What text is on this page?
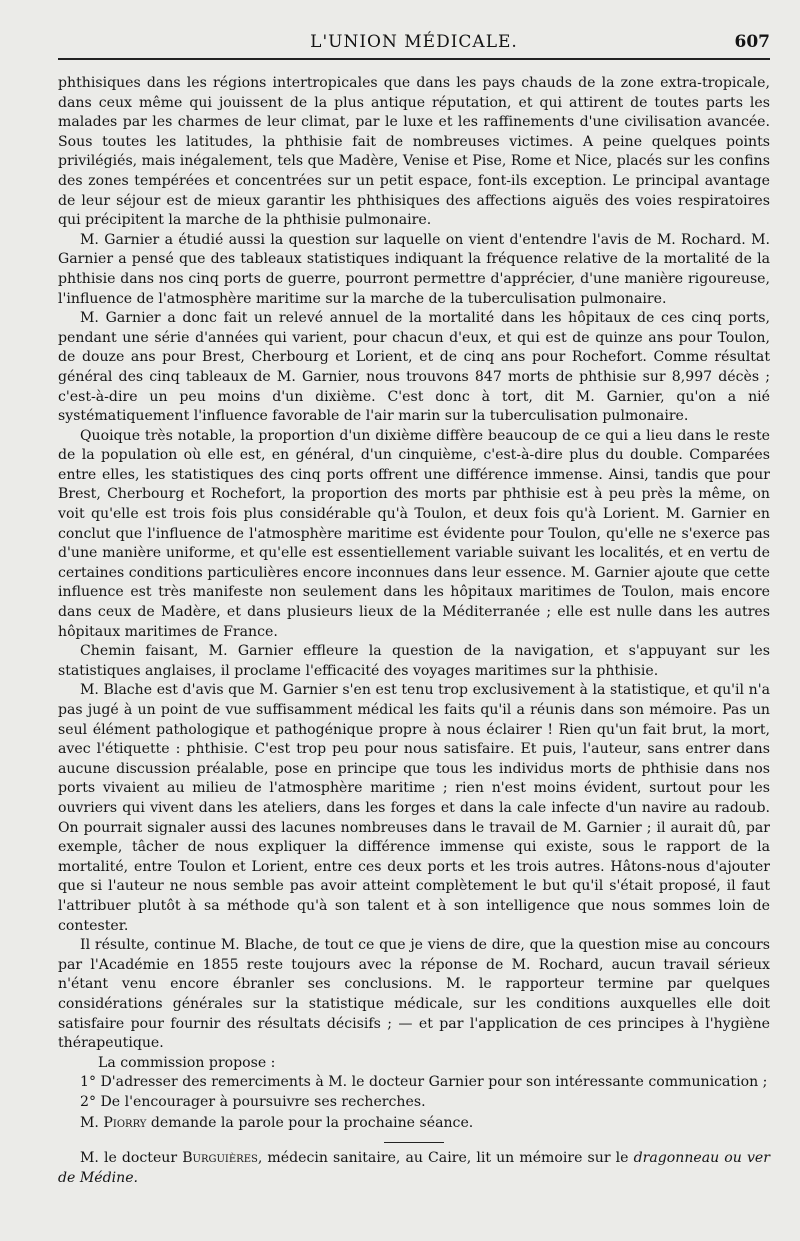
L'UNION MÉDICALE.	607

phthisiques dans les régions intertropicales que dans les pays chauds de la zone extra-tropicale, dans ceux même qui jouissent de la plus antique réputation, et qui attirent de toutes parts les malades par les charmes de leur climat, par le luxe et les raffinements d'une civilisation avancée. Sous toutes les latitudes, la phthisie fait de nombreuses victimes. A peine quelques points privilégiés, mais inégalement, tels que Madère, Venise et Pise, Rome et Nice, placés sur les confins des zones tempérées et concentrées sur un petit espace, font-ils exception. Le principal avantage de leur séjour est de mieux garantir les phthisiques des affections aiguës des voies respiratoires qui précipitent la marche de la phthisie pulmonaire.

M. Garnier a étudié aussi la question sur laquelle on vient d'entendre l'avis de M. Rochard. M. Garnier a pensé que des tableaux statistiques indiquant la fréquence relative de la mortalité de la phthisie dans nos cinq ports de guerre, pourront permettre d'apprécier, d'une manière rigoureuse, l'influence de l'atmosphère maritime sur la marche de la tuberculisation pulmonaire.

M. Garnier a donc fait un relevé annuel de la mortalité dans les hôpitaux de ces cinq ports, pendant une série d'années qui varient, pour chacun d'eux, et qui est de quinze ans pour Toulon, de douze ans pour Brest, Cherbourg et Lorient, et de cinq ans pour Rochefort. Comme résultat général des cinq tableaux de M. Garnier, nous trouvons 847 morts de phthisie sur 8,997 décès ; c'est-à-dire un peu moins d'un dixième. C'est donc à tort, dit M. Garnier, qu'on a nié systématiquement l'influence favorable de l'air marin sur la tuberculisation pulmonaire.

Quoique très notable, la proportion d'un dixième diffère beaucoup de ce qui a lieu dans le reste de la population où elle est, en général, d'un cinquième, c'est-à-dire plus du double. Comparées entre elles, les statistiques des cinq ports offrent une différence immense. Ainsi, tandis que pour Brest, Cherbourg et Rochefort, la proportion des morts par phthisie est à peu près la même, on voit qu'elle est trois fois plus considérable qu'à Toulon, et deux fois qu'à Lorient. M. Garnier en conclut que l'influence de l'atmosphère maritime est évidente pour Toulon, qu'elle ne s'exerce pas d'une manière uniforme, et qu'elle est essentiellement variable suivant les localités, et en vertu de certaines conditions particulières encore inconnues dans leur essence. M. Garnier ajoute que cette influence est très manifeste non seulement dans les hôpitaux maritimes de Toulon, mais encore dans ceux de Madère, et dans plusieurs lieux de la Méditerranée ; elle est nulle dans les autres hôpitaux maritimes de France.

Chemin faisant, M. Garnier effleure la question de la navigation, et s'appuyant sur les statistiques anglaises, il proclame l'efficacité des voyages maritimes sur la phthisie.

M. Blache est d'avis que M. Garnier s'en est tenu trop exclusivement à la statistique, et qu'il n'a pas jugé à un point de vue suffisamment médical les faits qu'il a réunis dans son mémoire. Pas un seul élément pathologique et pathogénique propre à nous éclairer ! Rien qu'un fait brut, la mort, avec l'étiquette : phthisie. C'est trop peu pour nous satisfaire. Et puis, l'auteur, sans entrer dans aucune discussion préalable, pose en principe que tous les individus morts de phthisie dans nos ports vivaient au milieu de l'atmosphère maritime ; rien n'est moins évident, surtout pour les ouvriers qui vivent dans les ateliers, dans les forges et dans la cale infecte d'un navire au radoub. On pourrait signaler aussi des lacunes nombreuses dans le travail de M. Garnier ; il aurait dû, par exemple, tâcher de nous expliquer la différence immense qui existe, sous le rapport de la mortalité, entre Toulon et Lorient, entre ces deux ports et les trois autres. Hâtons-nous d'ajouter que si l'auteur ne nous semble pas avoir atteint complètement le but qu'il s'était proposé, il faut l'attribuer plutôt à sa méthode qu'à son talent et à son intelligence que nous sommes loin de contester.

Il résulte, continue M. Blache, de tout ce que je viens de dire, que la question mise au concours par l'Académie en 1855 reste toujours avec la réponse de M. Rochard, aucun travail sérieux n'étant venu encore ébranler ses conclusions. M. le rapporteur termine par quelques considérations générales sur la statistique médicale, sur les conditions auxquelles elle doit satisfaire pour fournir des résultats décisifs ; — et par l'application de ces principes à l'hygiène thérapeutique.

La commission propose :

1° D'adresser des remerciments à M. le docteur Garnier pour son intéressante communication ;

2° De l'encourager à poursuivre ses recherches.

M. Piorry demande la parole pour la prochaine séance.

M. le docteur Burguières, médecin sanitaire, au Caire, lit un mémoire sur le dragonneau ou ver de Médine.
